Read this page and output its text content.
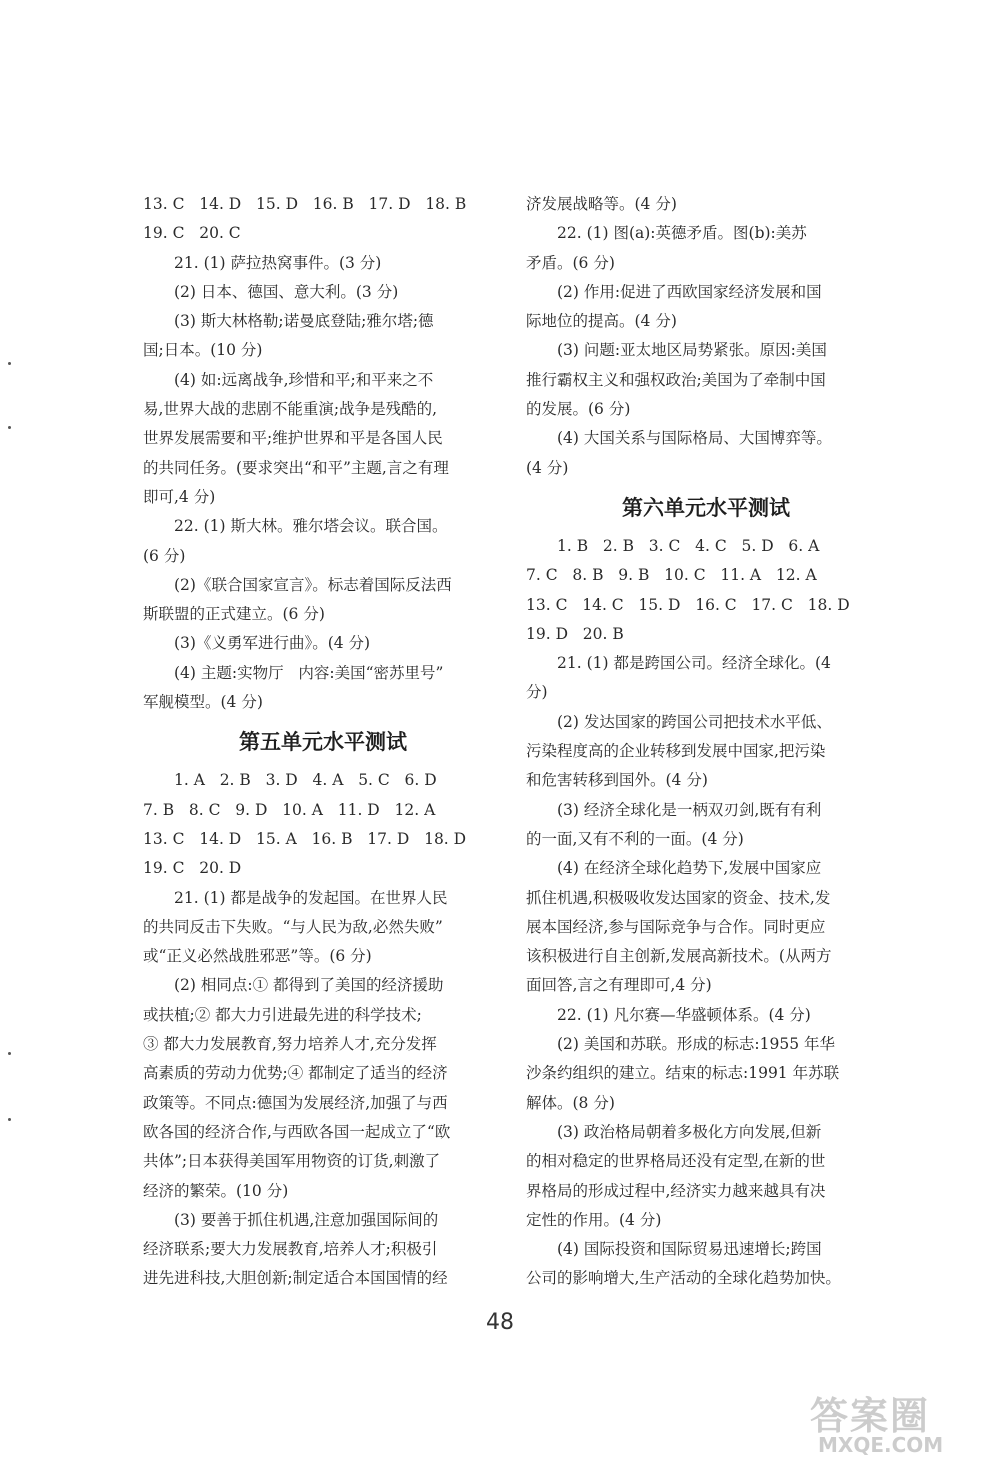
13. C   14. D   15. D   16. B   17. D   18. B
19. C   20. C
21. (1) 萨拉热窝事件。(3 分)
(2) 日本、德国、意大利。(3 分)
(3) 斯大林格勒;诺曼底登陆;雅尔塔;德
国;日本。(10 分)
(4) 如:远离战争,珍惜和平;和平来之不
易,世界大战的悲剧不能重演;战争是残酷的,
世界发展需要和平;维护世界和平是各国人民
的共同任务。(要求突出“和平”主题,言之有理
即可,4 分)
22. (1) 斯大林。雅尔塔会议。联合国。
(6 分)
(2)《联合国家宣言》。标志着国际反法西
斯联盟的正式建立。(6 分)
(3)《义勇军进行曲》。(4 分)
(4) 主题:实物厅   内容:美国“密苏里号”
军舰模型。(4 分)
第五单元水平测试
1. A   2. B   3. D   4. A   5. C   6. D
7. B   8. C   9. D   10. A   11. D   12. A
13. C   14. D   15. A   16. B   17. D   18. D
19. C   20. D
21. (1) 都是战争的发起国。在世界人民
的共同反击下失败。“与人民为敌,必然失败”
或“正义必然战胜邪恶”等。(6 分)
(2) 相同点:① 都得到了美国的经济援助
或扶植;② 都大力引进最先进的科学技术;
③ 都大力发展教育,努力培养人才,充分发挥
高素质的劳动力优势;④ 都制定了适当的经济
政策等。不同点:德国为发展经济,加强了与西
欧各国的经济合作,与西欧各国一起成立了“欧
共体”;日本获得美国军用物资的订货,刺激了
经济的繁荣。(10 分)
(3) 要善于抓住机遇,注意加强国际间的
经济联系;要大力发展教育,培养人才;积极引
进先进科技,大胆创新;制定适合本国国情的经
济发展战略等。(4 分)
22. (1) 图(a):英德矛盾。图(b):美苏
矛盾。(6 分)
(2) 作用:促进了西欧国家经济发展和国
际地位的提高。(4 分)
(3) 问题:亚太地区局势紧张。原因:美国
推行霸权主义和强权政治;美国为了牵制中国
的发展。(6 分)
(4) 大国关系与国际格局、大国博弈等。
(4 分)
第六单元水平测试
1. B   2. B   3. C   4. C   5. D   6. A
7. C   8. B   9. B   10. C   11. A   12. A
13. C   14. C   15. D   16. C   17. C   18. D
19. D   20. B
21. (1) 都是跨国公司。经济全球化。(4
分)
(2) 发达国家的跨国公司把技术水平低、
污染程度高的企业转移到发展中国家,把污染
和危害转移到国外。(4 分)
(3) 经济全球化是一柄双刃剑,既有有利
的一面,又有不利的一面。(4 分)
(4) 在经济全球化趋势下,发展中国家应
抓住机遇,积极吸收发达国家的资金、技术,发
展本国经济,参与国际竞争与合作。同时更应
该积极进行自主创新,发展高新技术。(从两方
面回答,言之有理即可,4 分)
22. (1) 凡尔赛—华盛顿体系。(4 分)
(2) 美国和苏联。形成的标志:1955 年华
沙条约组织的建立。结束的标志:1991 年苏联
解体。(8 分)
(3) 政治格局朝着多极化方向发展,但新
的相对稳定的世界格局还没有定型,在新的世
界格局的形成过程中,经济实力越来越具有决
定性的作用。(4 分)
(4) 国际投资和国际贸易迅速增长;跨国
公司的影响增大,生产活动的全球化趋势加快。
48
答案圈
MXQE.COM
